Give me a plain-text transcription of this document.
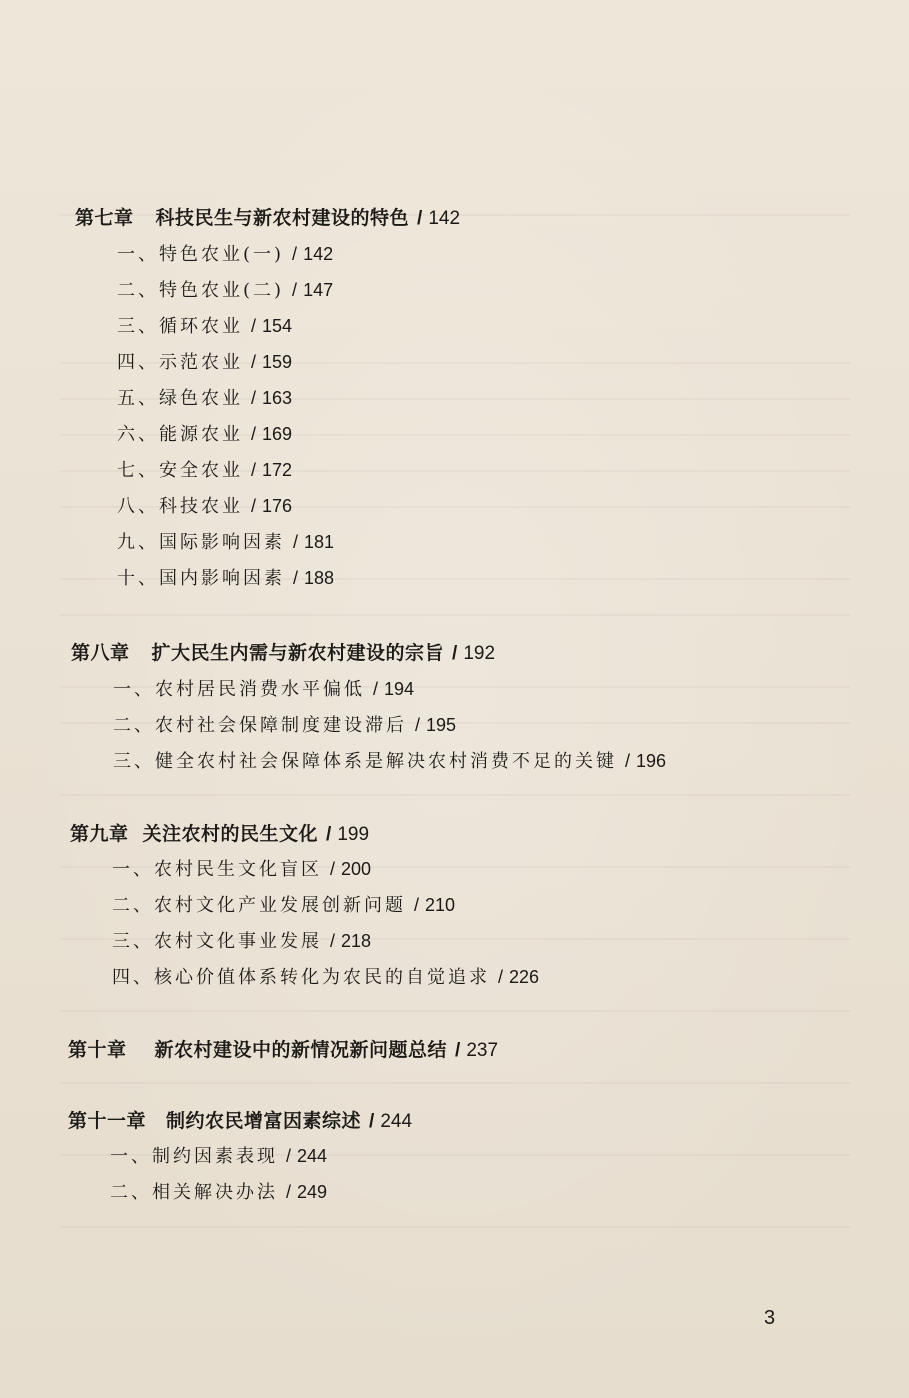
第七章 科技民生与新农村建设的特色 / 142
一、特色农业(一) / 142
二、特色农业(二) / 147
三、循环农业 / 154
四、示范农业 / 159
五、绿色农业 / 163
六、能源农业 / 169
七、安全农业 / 172
八、科技农业 / 176
九、国际影响因素 / 181
十、国内影响因素 / 188
第八章 扩大民生内需与新农村建设的宗旨 / 192
一、农村居民消费水平偏低 / 194
二、农村社会保障制度建设滞后 / 195
三、健全农村社会保障体系是解决农村消费不足的关键 / 196
第九章 关注农村的民生文化 / 199
一、农村民生文化盲区 / 200
二、农村文化产业发展创新问题 / 210
三、农村文化事业发展 / 218
四、核心价值体系转化为农民的自觉追求 / 226
第十章 新农村建设中的新情况新问题总结 / 237
第十一章 制约农民增富因素综述 / 244
一、制约因素表现 / 244
二、相关解决办法 / 249
3
